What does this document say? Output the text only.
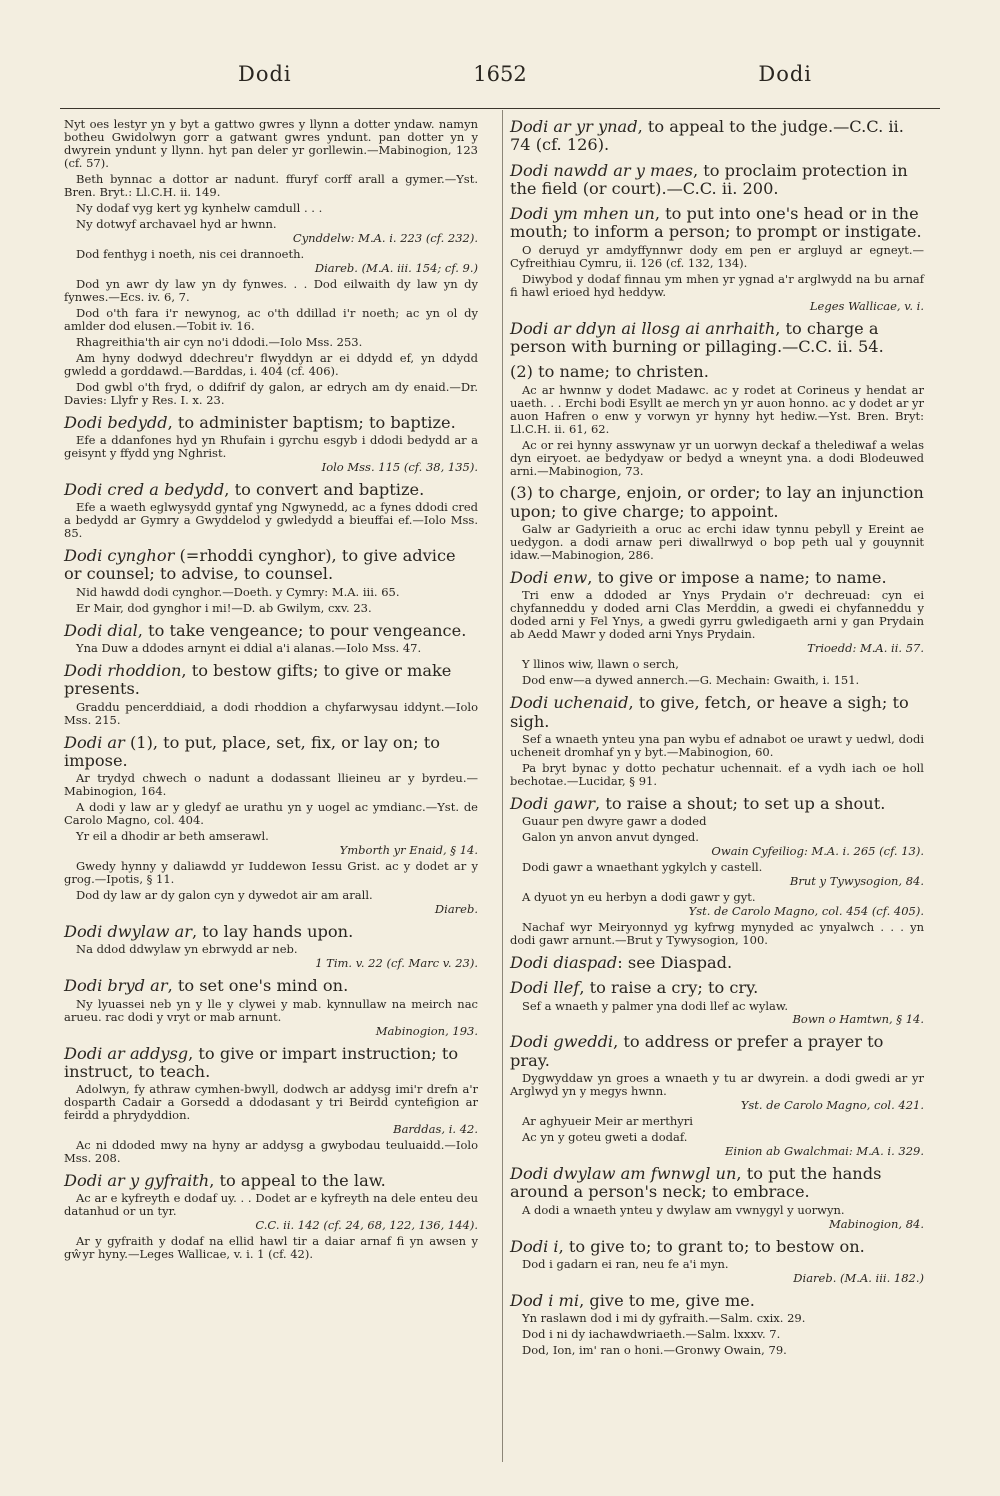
Dodi	1652	Dodi
Nyt oes lestyr yn y byt a gattwo gwres y llynn a dotter yndaw. namyn botheu Gwidolwyn gorr a gatwant gwres yndunt. pan dotter yn y dwyrein yndunt y llynn. hyt pan deler yr gorllewin.—Mabinogion, 123 (cf. 57).
Beth bynnac a dottor ar nadunt. ffuryf corff arall a gymer.—Yst. Bren. Bryt.: Ll.C.H. ii. 149.
Ny dodaf vyg kert yg kynhelw camdull . . .
Ny dotwyf archavael hyd ar hwnn.
Cynddelw: M.A. i. 223 (cf. 232).
Dod fenthyg i noeth, nis cei drannoeth.
Diareb. (M.A. iii. 154; cf. 9.)
Dod yn awr dy law yn dy fynwes. . . Dod eilwaith dy law yn dy fynwes.—Ecs. iv. 6, 7.
Dod o'th fara i'r newynog, ac o'th ddillad i'r noeth; ac yn ol dy amlder dod elusen.—Tobit iv. 16.
Rhagreithia'th air cyn no'i ddodi.—Iolo Mss. 253.
Am hyny dodwyd ddechreu'r flwyddyn ar ei ddydd ef, yn ddydd gwledd a gorddawd.—Barddas, i. 404 (cf. 406).
Dod gwbl o'th fryd, o ddifrif dy galon, ar edrych am dy enaid.—Dr. Davies: Llyfr y Res. I. x. 23.
Dodi bedydd, to administer baptism; to baptize.
Efe a ddanfones hyd yn Rhufain i gyrchu esgyb i ddodi bedydd ar a geisynt y ffydd yng Nghrist.
Iolo Mss. 115 (cf. 38, 135).
Dodi cred a bedydd, to convert and baptize.
Efe a waeth eglwysydd gyntaf yng Ngwynedd, ac a fynes ddodi cred a bedydd ar Gymry a Gwyddelod y gwledydd a bieuffai ef.—Iolo Mss. 85.
Dodi cynghor (=rhoddi cynghor), to give advice or counsel; to advise, to counsel.
Nid hawdd dodi cynghor.—Doeth. y Cymry: M.A. iii. 65.
Er Mair, dod gynghor i mi!—D. ab Gwilym, cxv. 23.
Dodi dial, to take vengeance; to pour vengeance.
Yna Duw a ddodes arnynt ei ddial a'i alanas.—Iolo Mss. 47.
Dodi rhoddion, to bestow gifts; to give or make presents.
Graddu pencerddiaid, a dodi rhoddion a chyfarwysau iddynt.—Iolo Mss. 215.
Dodi ar (1), to put, place, set, fix, or lay on; to impose.
Ar trydyd chwech o nadunt a dodassant llieineu ar y byrdeu.—Mabinogion, 164.
A dodi y law ar y gledyf ae urathu yn y uogel ac ymdianc.—Yst. de Carolo Magno, col. 404.
Yr eil a dhodir ar beth amserawl.
Ymborth yr Enaid, § 14.
Gwedy hynny y daliawdd yr Iuddewon Iessu Grist. ac y dodet ar y grog.—Ipotis, § 11.
Dod dy law ar dy galon cyn y dywedot air am arall.
Diareb.
Dodi dwylaw ar, to lay hands upon.
Na ddod ddwylaw yn ebrwydd ar neb.
1 Tim. v. 22 (cf. Marc v. 23).
Dodi bryd ar, to set one's mind on.
Ny lyuassei neb yn y lle y clywei y mab. kynnullaw na meirch nac arueu. rac dodi y vryt or mab arnunt.
Mabinogion, 193.
Dodi ar addysg, to give or impart instruction; to instruct, to teach.
Adolwyn, fy athraw cymhen-bwyll, dodwch ar addysg imi'r drefn a'r dosparth Cadair a Gorsedd a ddodasant y tri Beirdd cyntefigion ar feirdd a phrydyddion.
Barddas, i. 42.
Ac ni ddoded mwy na hyny ar addysg a gwybodau teuluaidd.—Iolo Mss. 208.
Dodi ar y gyfraith, to appeal to the law.
Ac ar e kyfreyth e dodaf uy. . . Dodet ar e kyfreyth na dele enteu deu datanhud or un tyr.
C.C. ii. 142 (cf. 24, 68, 122, 136, 144).
Ar y gyfraith y dodaf na ellid hawl tir a daiar arnaf fi yn awsen y gŵyr hyny.—Leges Wallicae, v. i. 1 (cf. 42).
Dodi ar yr ynad, to appeal to the judge.—C.C. ii. 74 (cf. 126).
Dodi nawdd ar y maes, to proclaim protection in the field (or court).—C.C. ii. 200.
Dodi ym mhen un, to put into one's head or in the mouth; to inform a person; to prompt or instigate.
O deruyd yr amdyffynnwr dody em pen er argluyd ar egneyt.—Cyfreithiau Cymru, ii. 126 (cf. 132, 134).
Diwybod y dodaf finnau ym mhen yr ygnad a'r arglwydd na bu arnaf fi hawl erioed hyd heddyw.
Leges Wallicae, v. i.
Dodi ar ddyn ai llosg ai anrhaith, to charge a person with burning or pillaging.—C.C. ii. 54.
(2) to name; to christen.
Ac ar hwnnw y dodet Madawc. ac y rodet at Corineus y hendat ar uaeth. . . Erchi bodi Esyllt ae merch yn yr auon honno. ac y dodet ar yr auon Hafren o enw y vorwyn yr hynny hyt hediw.—Yst. Bren. Bryt: Ll.C.H. ii. 61, 62.
Ac or rei hynny asswynaw yr un uorwyn deckaf a thelediwaf a welas dyn eiryoet. ae bedydyaw or bedyd a wneynt yna. a dodi Blodeuwed arni.—Mabinogion, 73.
(3) to charge, enjoin, or order; to lay an injunction upon; to give charge; to appoint.
Galw ar Gadyrieith a oruc ac erchi idaw tynnu pebyll y Ereint ae uedygon. a dodi arnaw peri diwallrwyd o bop peth ual y gouynnit idaw.—Mabinogion, 286.
Dodi enw, to give or impose a name; to name.
Tri enw a ddoded ar Ynys Prydain o'r dechreuad: cyn ei chyfanneddu y doded arni Clas Merddin, a gwedi ei chyfanneddu y doded arni y Fel Ynys, a gwedi gyrru gwledigaeth arni y gan Prydain ab Aedd Mawr y doded arni Ynys Prydain.
Trioedd: M.A. ii. 57.
Y llinos wiw, llawn o serch,
Dod enw—a dywed annerch.—G. Mechain: Gwaith, i. 151.
Dodi uchenaid, to give, fetch, or heave a sigh; to sigh.
Sef a wnaeth ynteu yna pan wybu ef adnabot oe urawt y uedwl, dodi ucheneit dromhaf yn y byt.—Mabinogion, 60.
Pa bryt bynac y dotto pechatur uchennait. ef a vydh iach oe holl bechotae.—Lucidar, § 91.
Dodi gawr, to raise a shout; to set up a shout.
Guaur pen dwyre gawr a doded
Galon yn anvon anvut dynged.
Owain Cyfeiliog: M.A. i. 265 (cf. 13).
Dodi gawr a wnaethant ygkylch y castell.
Brut y Tywysogion, 84.
A dyuot yn eu herbyn a dodi gawr y gyt.
Yst. de Carolo Magno, col. 454 (cf. 405).
Nachaf wyr Meiryonnyd yg kyfrwg mynyded ac ynyalwch . . . yn dodi gawr arnunt.—Brut y Tywysogion, 100.
Dodi diaspad: see Diaspad.
Dodi llef, to raise a cry; to cry.
Sef a wnaeth y palmer yna dodi llef ac wylaw.
Bown o Hamtwn, § 14.
Dodi gweddi, to address or prefer a prayer to pray.
Dygwyddaw yn groes a wnaeth y tu ar dwyrein. a dodi gwedi ar yr Arglwyd yn y megys hwnn.
Yst. de Carolo Magno, col. 421.
Ar aghyueir Meir ar merthyri
Ac yn y goteu gweti a dodaf.
Einion ab Gwalchmai: M.A. i. 329.
Dodi dwylaw am fwnwgl un, to put the hands around a person's neck; to embrace.
A dodi a wnaeth ynteu y dwylaw am vwnygyl y uorwyn.
Mabinogion, 84.
Dodi i, to give to; to grant to; to bestow on.
Dod i gadarn ei ran, neu fe a'i myn.
Diareb. (M.A. iii. 182.)
Dod i mi, give to me, give me.
Yn raslawn dod i mi dy gyfraith.—Salm. cxix. 29.
Dod i ni dy iachawdwriaeth.—Salm. lxxxv. 7.
Dod, Ion, im' ran o honi.—Gronwy Owain, 79.
